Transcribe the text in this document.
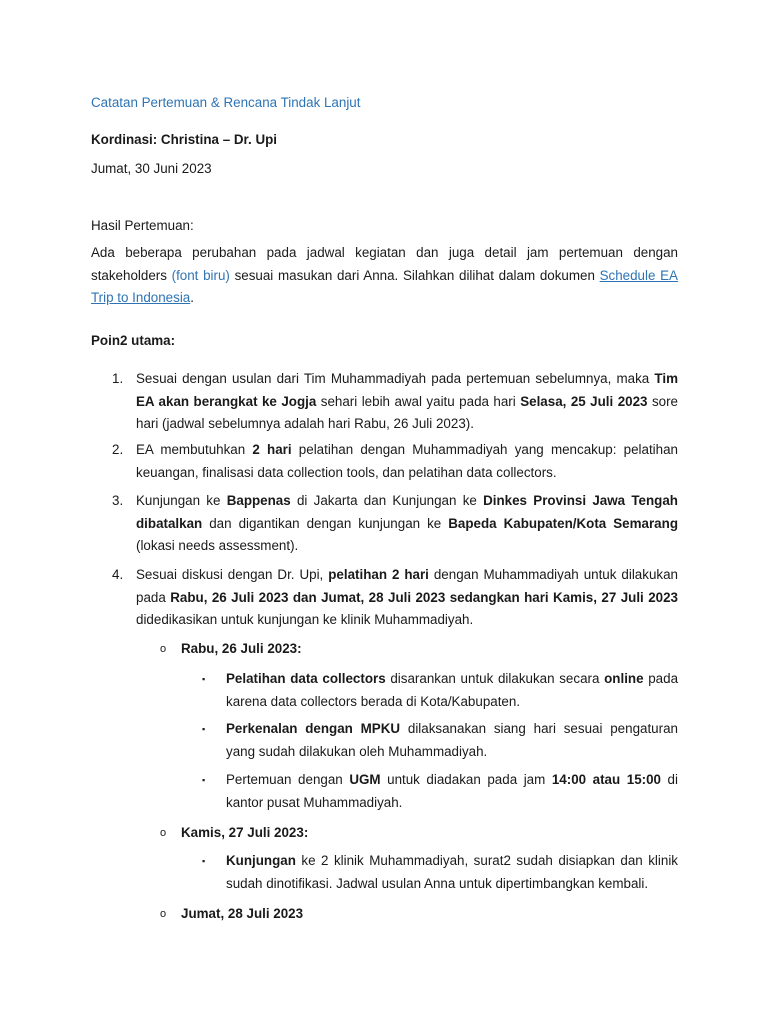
Catatan Pertemuan & Rencana Tindak Lanjut
Kordinasi: Christina – Dr. Upi
Jumat, 30 Juni 2023
Hasil Pertemuan:
Ada beberapa perubahan pada jadwal kegiatan dan juga detail jam pertemuan dengan stakeholders (font biru) sesuai masukan dari Anna. Silahkan dilihat dalam dokumen Schedule EA Trip to Indonesia.
Poin2 utama:
1. Sesuai dengan usulan dari Tim Muhammadiyah pada pertemuan sebelumnya, maka Tim EA akan berangkat ke Jogja sehari lebih awal yaitu pada hari Selasa, 25 Juli 2023 sore hari (jadwal sebelumnya adalah hari Rabu, 26 Juli 2023).
2. EA membutuhkan 2 hari pelatihan dengan Muhammadiyah yang mencakup: pelatihan keuangan, finalisasi data collection tools, dan pelatihan data collectors.
3. Kunjungan ke Bappenas di Jakarta dan Kunjungan ke Dinkes Provinsi Jawa Tengah dibatalkan dan digantikan dengan kunjungan ke Bapeda Kabupaten/Kota Semarang (lokasi needs assessment).
4. Sesuai diskusi dengan Dr. Upi, pelatihan 2 hari dengan Muhammadiyah untuk dilakukan pada Rabu, 26 Juli 2023 dan Jumat, 28 Juli 2023 sedangkan hari Kamis, 27 Juli 2023 didedikasikan untuk kunjungan ke klinik Muhammadiyah.
o Rabu, 26 Juli 2023:
▪ Pelatihan data collectors disarankan untuk dilakukan secara online pada karena data collectors berada di Kota/Kabupaten.
▪ Perkenalan dengan MPKU dilaksanakan siang hari sesuai pengaturan yang sudah dilakukan oleh Muhammadiyah.
▪ Pertemuan dengan UGM untuk diadakan pada jam 14:00 atau 15:00 di kantor pusat Muhammadiyah.
o Kamis, 27 Juli 2023:
▪ Kunjungan ke 2 klinik Muhammadiyah, surat2 sudah disiapkan dan klinik sudah dinotifikasi. Jadwal usulan Anna untuk dipertimbangkan kembali.
o Jumat, 28 Juli 2023
